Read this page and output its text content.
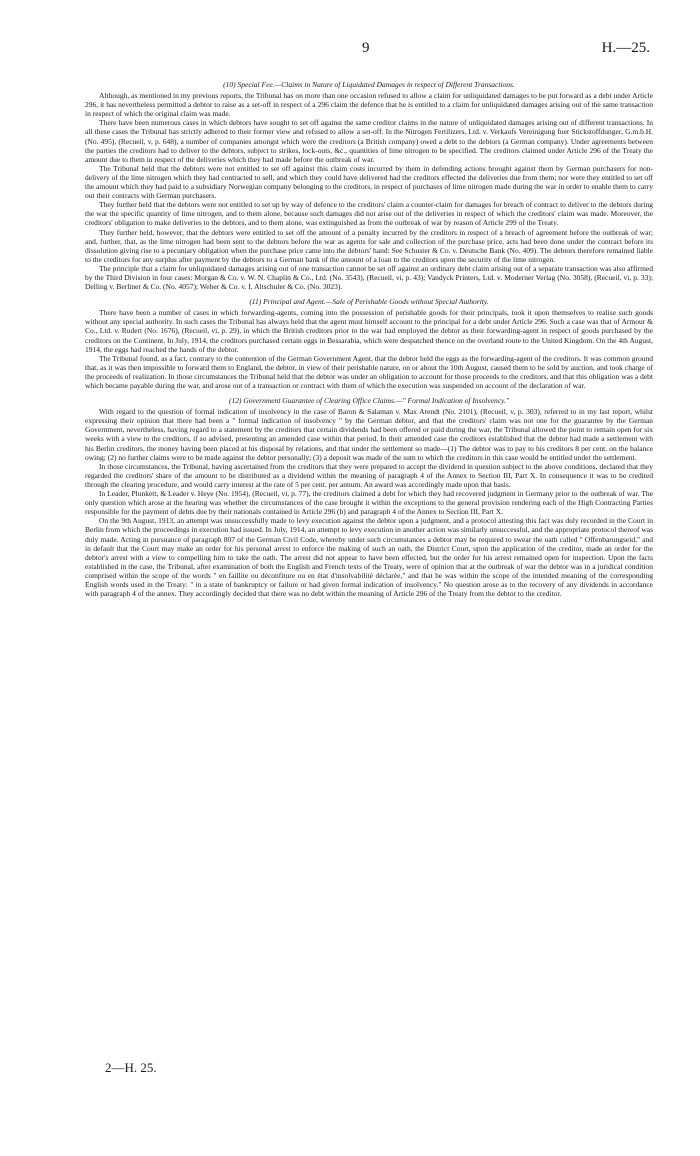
9	H.—25.
(10) Special Fee.—Claims in Nature of Liquidated Damages in respect of Different Transactions.

Although, as mentioned in my previous reports, the Tribunal has on more than one occasion refused to allow a claim for unliquidated damages to be put forward as a debt under Article 296, it has nevertheless permitted a debtor to raise as a set-off in respect of a 296 claim the defence that he is entitled to a claim for unliquidated damages arising out of the same transaction in respect of which the original claim was made.

There have been numerous cases in which debtors have sought to set off against the same creditor claims in the nature of unliquidated damages arising out of different transactions. In all these cases the Tribunal has strictly adhered to their former view and refused to allow a set-off. In the Nitrogen Fertilizers, Ltd. v. Verkaufs Vereinigung fuer Stickstoffdunger, G.m.b.H. (No. 495), (Recueil, v, p. 648), a number of companies amongst which were the creditors (a British company) owed a debt to the debtors (a German company). Under agreements between the parties the creditors had to deliver to the debtors, subject to strikes, lock-outs, &c., quantities of lime nitrogen to be specified. The creditors claimed under Article 296 of the Treaty the amount due to them in respect of the deliveries which they had made before the outbreak of war.

The Tribunal held that the debtors were not entitled to set off against this claim costs incurred by them in defending actions brought against them by German purchasers for non-delivery of the lime nitrogen which they had contracted to sell, and which they could have delivered had the creditors effected the deliveries due from them; nor were they entitled to set off the amount which they had paid to a subsidiary Norwegian company belonging to the creditors, in respect of purchases of lime nitrogen made during the war in order to enable them to carry out their contracts with German purchasers.

They further held that the debtors were not entitled to set up by way of defence to the creditors' claim a counter-claim for damages for breach of contract to deliver to the debtors during the war the specific quantity of lime nitrogen, and to them alone, because such damages did not arise out of the deliveries in respect of which the creditors' claim was made. Moreover, the creditors' obligation to make deliveries to the debtors, and to them alone, was extinguished as from the outbreak of war by reason of Article 299 of the Treaty.

They further held, however, that the debtors were entitled to set off the amount of a penalty incurred by the creditors in respect of a breach of agreement before the outbreak of war; and, further, that, as the lime nitrogen had been sent to the debtors before the war as agents for sale and collection of the purchase price, acts had been done under the contract before its dissolution giving rise to a pecuniary obligation when the purchase price came into the debtors' hand: See Schuster & Co. v. Deutsche Bank (No. 409). The debtors therefore remained liable to the creditors for any surplus after payment by the debtors to a German bank of the amount of a loan to the creditors upon the security of the lime nitrogen.

The principle that a claim for unliquidated damages arising out of one transaction cannot be set off against an ordinary debt claim arising out of a separate transaction was also affirmed by the Third Division in four cases: Morgan & Co. v. W. N. Chaplin & Co., Ltd. (No. 3543), (Recueil, vi, p. 43); Vandyck Printers, Ltd. v. Moderner Verlag (No. 3058), (Recueil, vi, p. 33); Delling v. Berliner & Co. (No. 4057); Weber & Co. v. I. Altschuler & Co. (No. 3023).

(11) Principal and Agent.—Sale of Perishable Goods without Special Authority.

There have been a number of cases in which forwarding-agents, coming into the possession of perishable goods for their principals, took it upon themselves to realise such goods without any special authority. In such cases the Tribunal has always held that the agent must himself account to the principal for a debt under Article 296. Such a case was that of Armour & Co., Ltd. v. Rudert (No. 1676), (Recueil, vi, p. 29), in which the British creditors prior to the war had employed the debtor as their forwarding-agent in respect of goods purchased by the creditors on the Continent. In July, 1914, the creditors purchased certain eggs in Bessarabia, which were despatched thence on the overland route to the United Kingdom. On the 4th August, 1914, the eggs had reached the hands of the debtor.

The Tribunal found, as a fact, contrary to the contention of the German Government Agent, that the debtor held the eggs as the forwarding-agent of the creditors. It was common ground that, as it was then impossible to forward them to England, the debtor, in view of their perishable nature, on or about the 10th August, caused them to be sold by auction, and took charge of the proceeds of realization. In those circumstances the Tribunal held that the debtor was under an obligation to account for those proceeds to the creditors, and that this obligation was a debt which became payable during the war, and arose out of a transaction or contract with them of which the execution was suspended on account of the declaration of war.

(12) Government Guarantee of Clearing Office Claims.—" Formal Indication of Insolvency."

With regard to the question of formal indication of insolvency in the case of Baron & Salaman v. Max Arendt (No. 2101), (Recueil, v, p. 303), referred to in my last report, whilst expressing their opinion that there had been a " formal indication of insolvency " by the German debtor, and that the creditors' claim was not one for the guarantee by the German Government, nevertheless, having regard to a statement by the creditors that certain dividends had been offered or paid during the war, the Tribunal allowed the point to remain open for six weeks with a view to the creditors, if so advised, presenting an amended case within that period. In their amended case the creditors established that the debtor had made a settlement with his Berlin creditors, the money having been placed at his disposal by relations, and that under the settlement so made—(1) The debtor was to pay to his creditors 8 per cent. on the balance owing; (2) no further claims were to be made against the debtor personally; (3) a deposit was made of the sum to which the creditors in this case would be entitled under the settlement.

In those circumstances, the Tribunal, having ascertained from the creditors that they were prepared to accept the dividend in question subject to the above conditions, declared that they regarded the creditors' share of the amount to be distributed as a dividend within the meaning of paragraph 4 of the Annex to Section III, Part X. In consequence it was to be credited through the clearing procedure, and would carry interest at the rate of 5 per cent. per annum. An award was accordingly made upon that basis.

In Leader, Plunkett, & Leader v. Heye (No. 1954), (Recueil, vi, p. 77), the creditors claimed a debt for which they had recovered judgment in Germany prior to the outbreak of war. The only question which arose at the hearing was whether the circumstances of the case brought it within the exceptions to the general provision rendering each of the High Contracting Parties responsible for the payment of debts due by their nationals contained in Article 296 (b) and paragraph 4 of the Annex to Section III, Part X.

On the 9th August, 1913, an attempt was unsuccessfully made to levy execution against the debtor upon a judgment, and a protocol attesting this fact was duly recorded in the Court in Berlin from which the proceedings in execution had issued. In July, 1914, an attempt to levy execution in another action was similarly unsuccessful, and the appropriate protocol thereof was duly made. Acting in pursuance of paragraph 807 of the German Civil Code, whereby under such circumstances a debtor may be required to swear the oath called " Offenbarungseid," and in default that the Court may make an order for his personal arrest to enforce the making of such an oath, the District Court, upon the application of the creditor, made an order for the debtor's arrest with a view to compelling him to take the oath. The arrest did not appear to have been effected, but the order for his arrest remained open for inspection. Upon the facts established in the case, the Tribunal, after examination of both the English and French texts of the Treaty, were of opinion that at the outbreak of war the debtor was in a juridical condition comprised within the scope of the words " en faillite ou déconfiture ou en état d'insolvabilité déclarée," and that he was within the scope of the intended meaning of the corresponding English words used in the Treaty: " in a state of bankruptcy or failure or had given formal indication of insolvency." No question arose as to the recovery of any dividends in accordance with paragraph 4 of the annex. They accordingly decided that there was no debt within the meaning of Article 296 of the Treaty from the debtor to the creditor.

2—H. 25.
